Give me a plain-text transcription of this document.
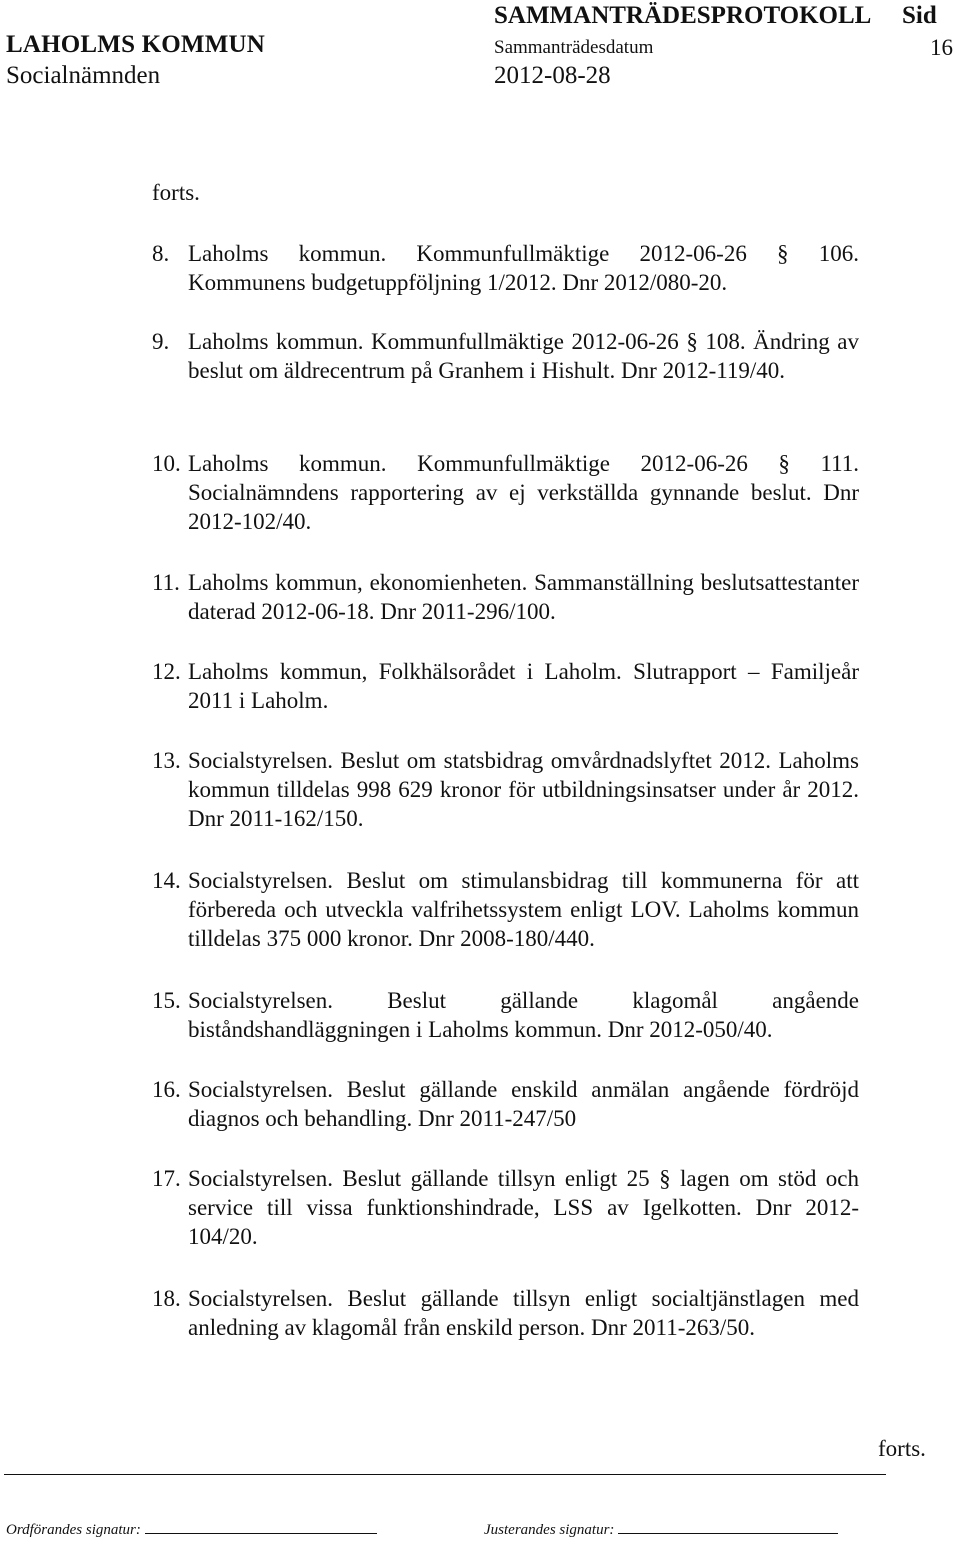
LAHOLMS KOMMUN
Socialnämnden
SAMMANTRÄDESPROTOKOLL
Sammanträdesdatum
2012-08-28
Sid
16
forts.
8. Laholms kommun. Kommunfullmäktige 2012-06-26 § 106. Kommunens budgetuppföljning 1/2012. Dnr 2012/080-20.
9. Laholms kommun. Kommunfullmäktige 2012-06-26 § 108. Ändring av beslut om äldrecentrum på Granhem i Hishult. Dnr 2012-119/40.
10. Laholms kommun. Kommunfullmäktige 2012-06-26 § 111. Socialnämndens rapportering av ej verkställda gynnande beslut. Dnr 2012-102/40.
11. Laholms kommun, ekonomienheten. Sammanställning beslutsattestanter daterad 2012-06-18. Dnr 2011-296/100.
12. Laholms kommun, Folkhälsorådet i Laholm. Slutrapport – Familjeår 2011 i Laholm.
13. Socialstyrelsen. Beslut om statsbidrag omvårdnadslyftet 2012. Laholms kommun tilldelas 998 629 kronor för utbildningsinsatser under år 2012. Dnr 2011-162/150.
14. Socialstyrelsen. Beslut om stimulansbidrag till kommunerna för att förbereda och utveckla valfrihetssystem enligt LOV. Laholms kommun tilldelas 375 000 kronor. Dnr 2008-180/440.
15. Socialstyrelsen. Beslut gällande klagomål angående biståndshandläggningen i Laholms kommun. Dnr 2012-050/40.
16. Socialstyrelsen. Beslut gällande enskild anmälan angående fördröjd diagnos och behandling. Dnr 2011-247/50
17. Socialstyrelsen. Beslut gällande tillsyn enligt 25 § lagen om stöd och service till vissa funktionshindrade, LSS av Igelkotten. Dnr 2012-104/20.
18. Socialstyrelsen. Beslut gällande tillsyn enligt socialtjänstlagen med anledning av klagomål från enskild person. Dnr 2011-263/50.
forts.
Ordförandes signatur:	Justerandes signatur:
